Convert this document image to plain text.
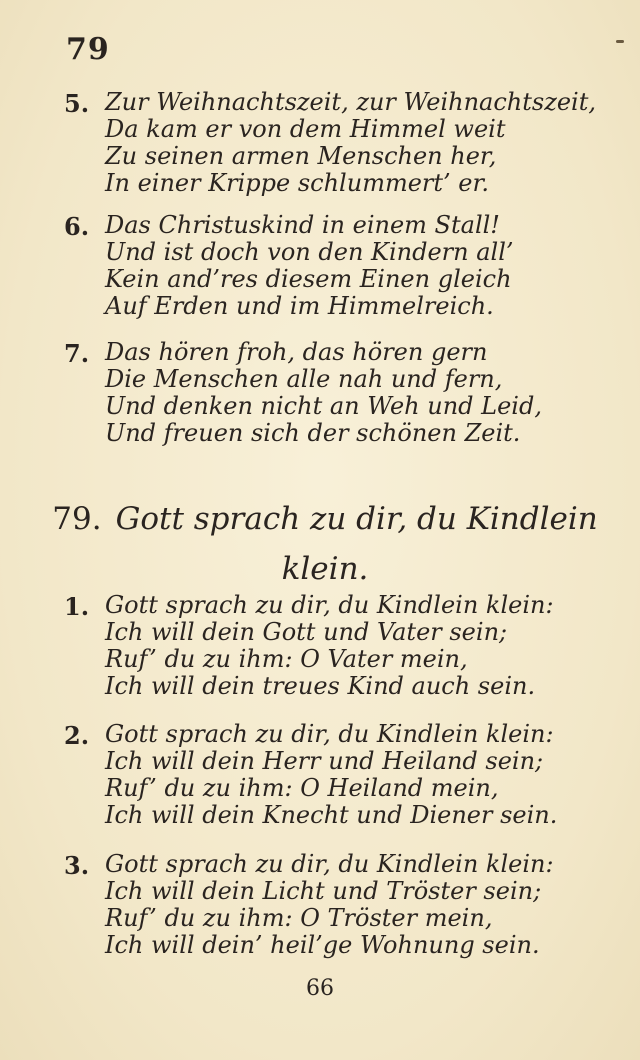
79
5. Zur Weihnachtszeit, zur Weihnachtszeit,
Da kam er von dem Himmel weit
Zu seinen armen Menschen her,
In einer Krippe schlummert’ er.
6. Das Christuskind in einem Stall!
Und ist doch von den Kindern all’
Kein and’res diesem Einen gleich
Auf Erden und im Himmelreich.
7. Das hören froh, das hören gern
Die Menschen alle nah und fern,
Und denken nicht an Weh und Leid,
Und freuen sich der schönen Zeit.
79. Gott sprach zu dir, du Kindlein
klein.
1. Gott sprach zu dir, du Kindlein klein:
Ich will dein Gott und Vater sein;
Ruf’ du zu ihm: O Vater mein,
Ich will dein treues Kind auch sein.
2. Gott sprach zu dir, du Kindlein klein:
Ich will dein Herr und Heiland sein;
Ruf’ du zu ihm: O Heiland mein,
Ich will dein Knecht und Diener sein.
3. Gott sprach zu dir, du Kindlein klein:
Ich will dein Licht und Tröster sein;
Ruf’ du zu ihm: O Tröster mein,
Ich will dein’ heil’ge Wohnung sein.
66
